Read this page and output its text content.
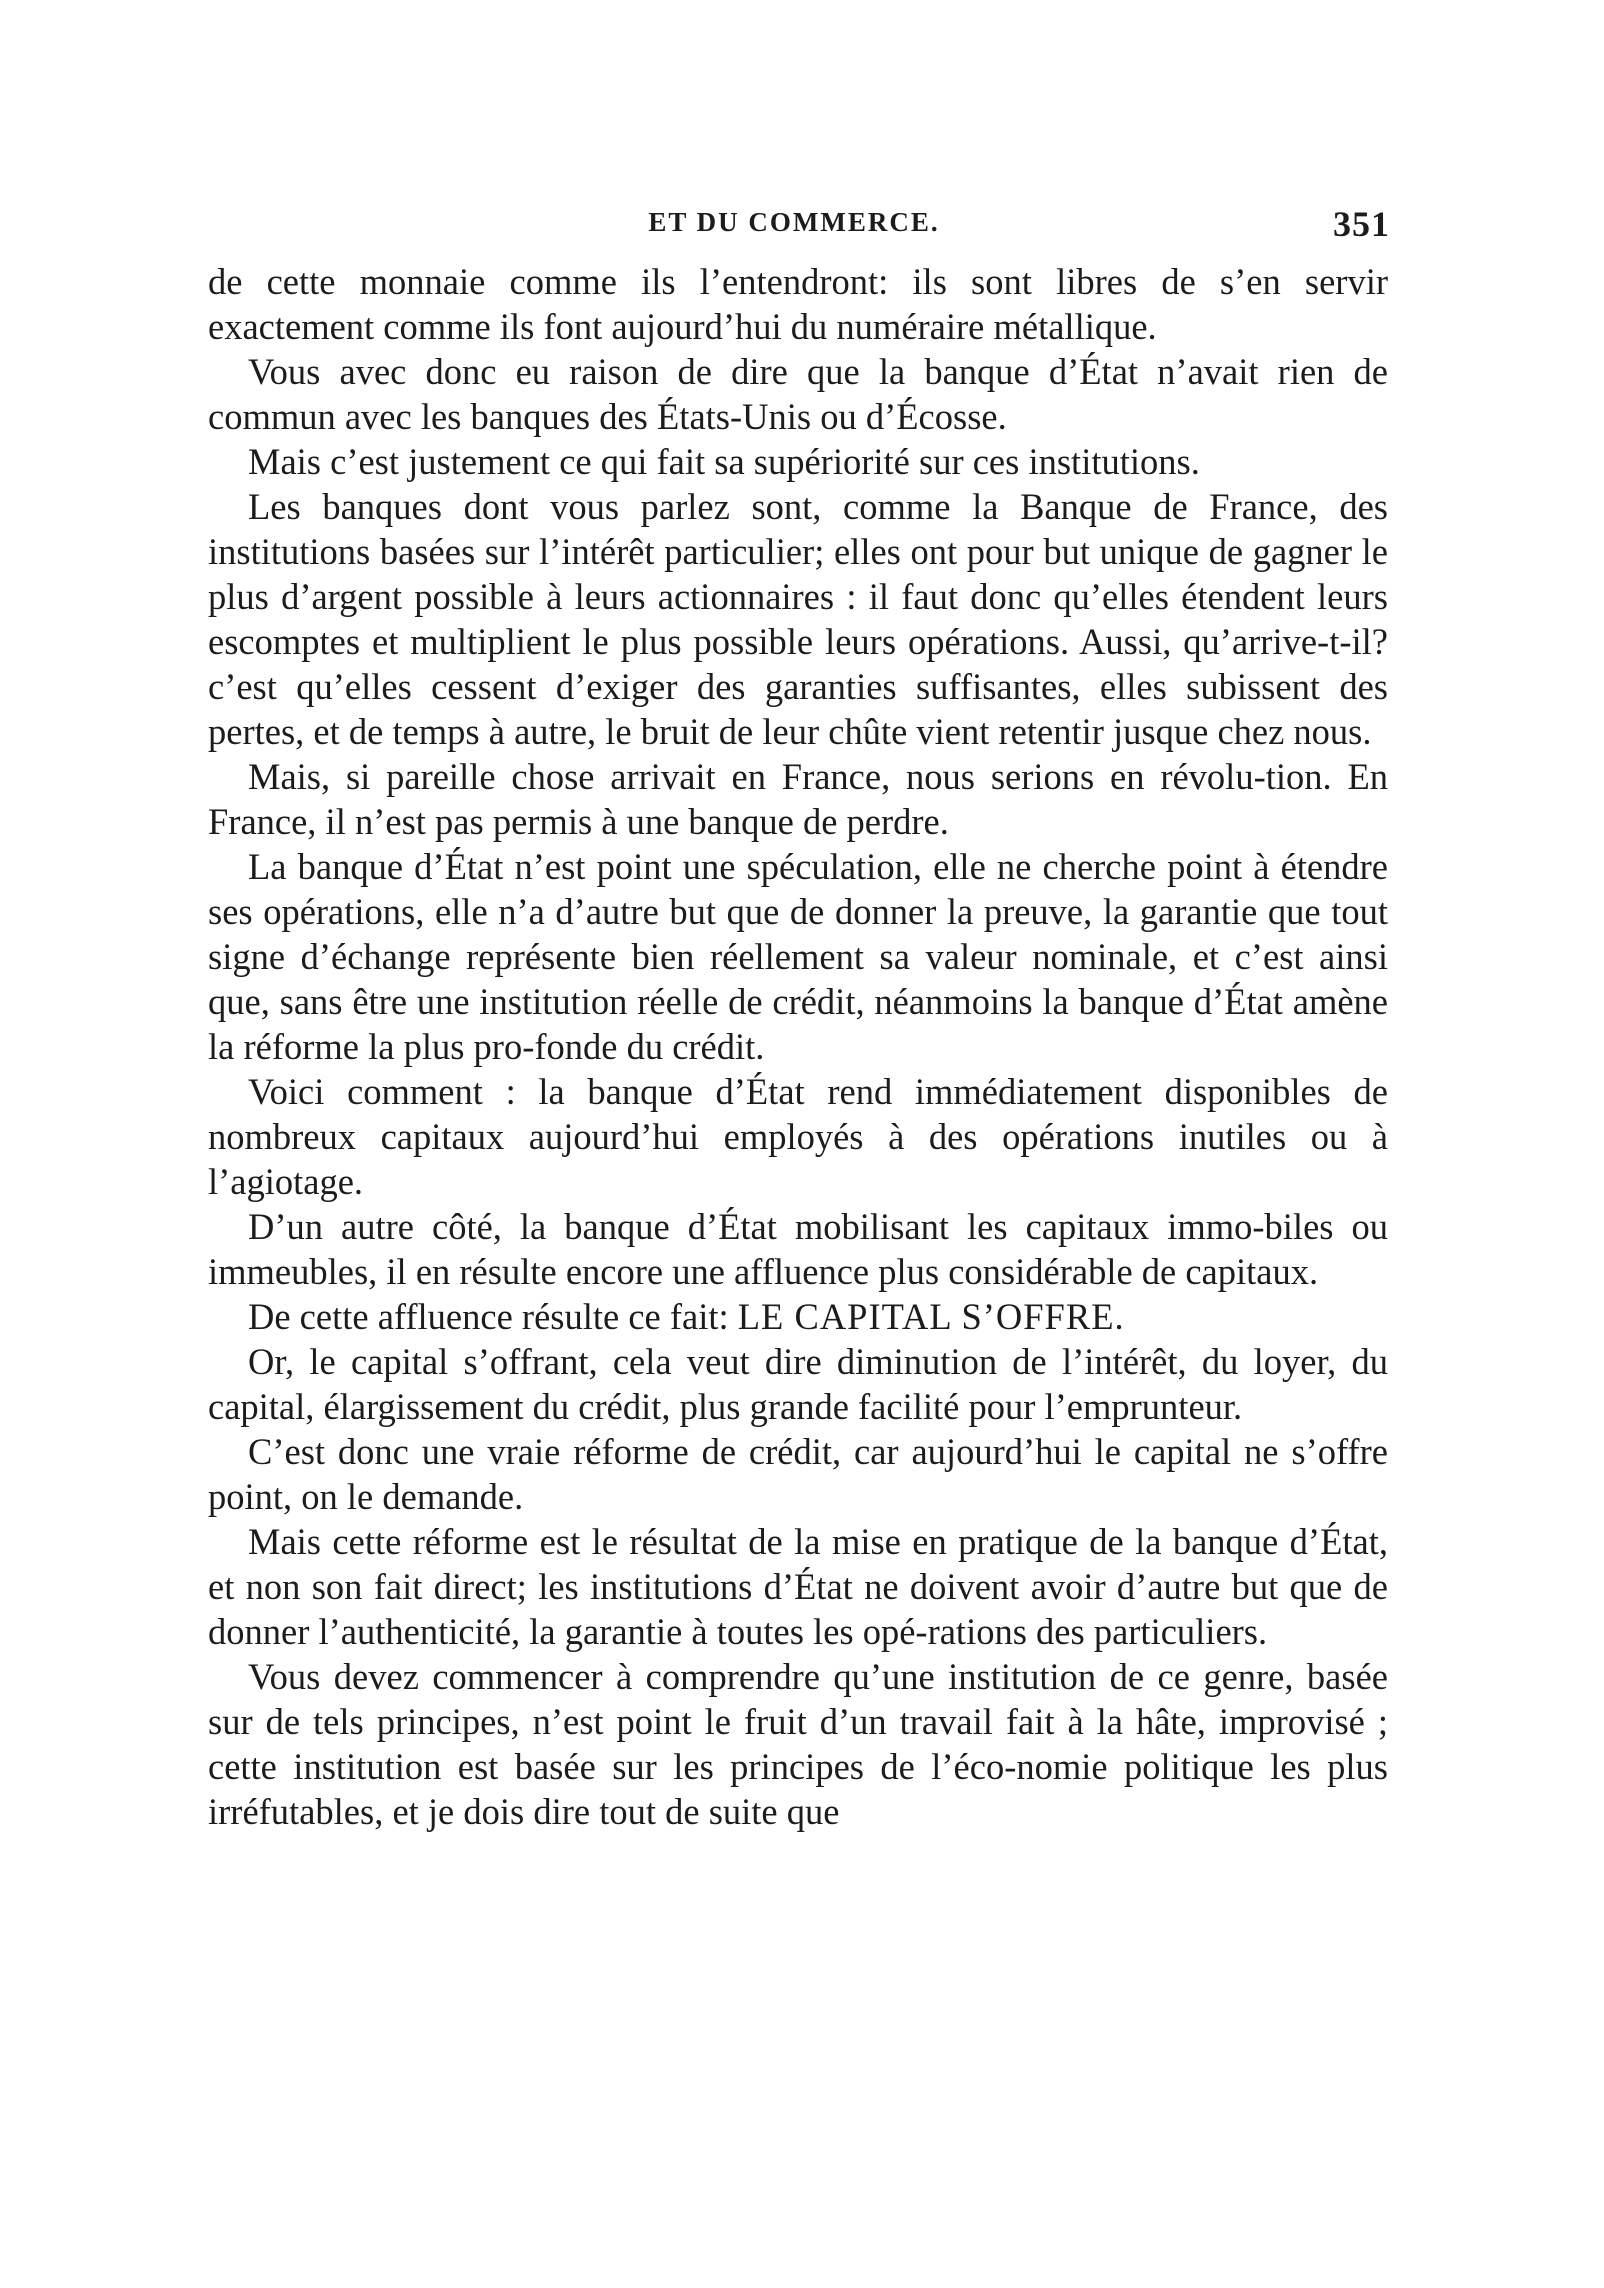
ET DU COMMERCE.	351

de cette monnaie comme ils l’entendront: ils sont libres de s’en servir exactement comme ils font aujourd’hui du numéraire métallique.

Vous avec donc eu raison de dire que la banque d’État n’avait rien de commun avec les banques des États-Unis ou d’Écosse.

Mais c’est justement ce qui fait sa supériorité sur ces institutions.

Les banques dont vous parlez sont, comme la Banque de France, des institutions basées sur l’intérêt particulier; elles ont pour but unique de gagner le plus d’argent possible à leurs actionnaires : il faut donc qu’elles étendent leurs escomptes et multiplient le plus possible leurs opérations. Aussi, qu’arrive-t-il? c’est qu’elles cessent d’exiger des garanties suffisantes, elles subissent des pertes, et de temps à autre, le bruit de leur chûte vient retentir jusque chez nous.

Mais, si pareille chose arrivait en France, nous serions en révolu-tion. En France, il n’est pas permis à une banque de perdre.

La banque d’État n’est point une spéculation, elle ne cherche point à étendre ses opérations, elle n’a d’autre but que de donner la preuve, la garantie que tout signe d’échange représente bien réellement sa valeur nominale, et c’est ainsi que, sans être une institution réelle de crédit, néanmoins la banque d’État amène la réforme la plus pro-fonde du crédit.

Voici comment : la banque d’État rend immédiatement disponibles de nombreux capitaux aujourd’hui employés à des opérations inutiles ou à l’agiotage.

D’un autre côté, la banque d’État mobilisant les capitaux immo-biles ou immeubles, il en résulte encore une affluence plus considérable de capitaux.

De cette affluence résulte ce fait: LE CAPITAL S’OFFRE.

Or, le capital s’offrant, cela veut dire diminution de l’intérêt, du loyer, du capital, élargissement du crédit, plus grande facilité pour l’emprunteur.

C’est donc une vraie réforme de crédit, car aujourd’hui le capital ne s’offre point, on le demande.

Mais cette réforme est le résultat de la mise en pratique de la banque d’État, et non son fait direct; les institutions d’État ne doivent avoir d’autre but que de donner l’authenticité, la garantie à toutes les opé-rations des particuliers.

Vous devez commencer à comprendre qu’une institution de ce genre, basée sur de tels principes, n’est point le fruit d’un travail fait à la hâte, improvisé ; cette institution est basée sur les principes de l’éco-nomie politique les plus irréfutables, et je dois dire tout de suite que
